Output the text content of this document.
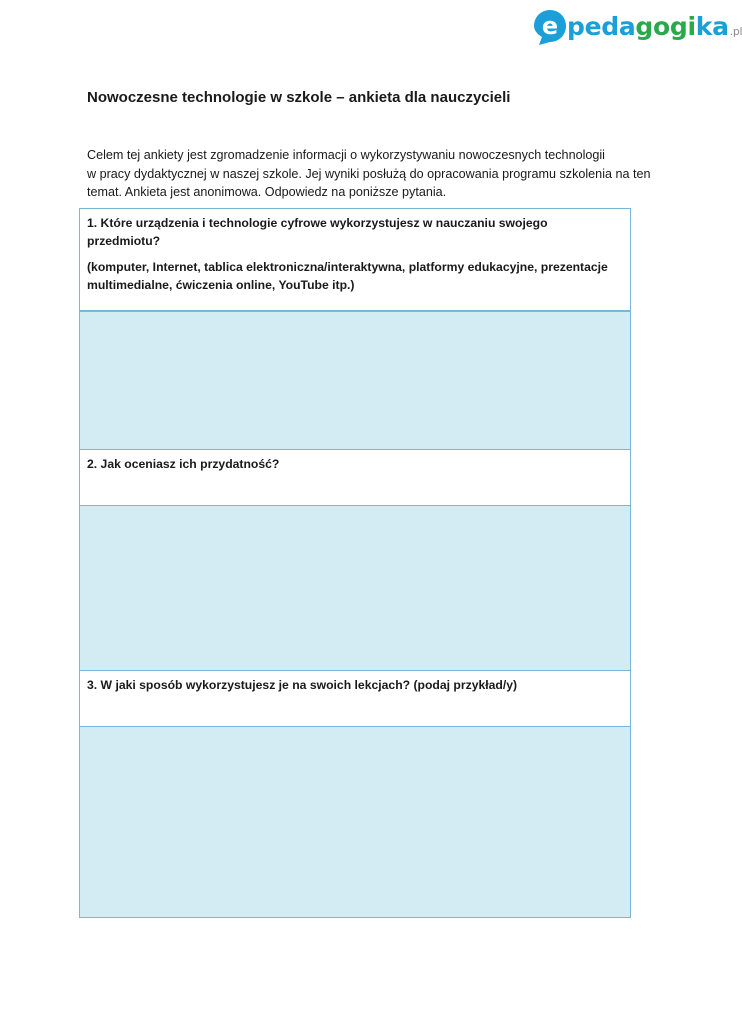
e pedagogika.pl
Nowoczesne technologie w szkole – ankieta dla nauczycieli

Celem tej ankiety jest zgromadzenie informacji o wykorzystywaniu nowoczesnych technologii
w pracy dydaktycznej w naszej szkole. Jej wyniki posłużą do opracowania programu szkolenia na ten
temat. Ankieta jest anonimowa. Odpowiedz na poniższe pytania.

1. Które urządzenia i technologie cyfrowe wykorzystujesz w nauczaniu swojego przedmiotu?

(komputer, Internet, tablica elektroniczna/interaktywna, platformy edukacyjne, prezentacje multimedialne, ćwiczenia online, YouTube itp.)

2. Jak oceniasz ich przydatność?

3. W jaki sposób wykorzystujesz je na swoich lekcjach? (podaj przykład/y)
